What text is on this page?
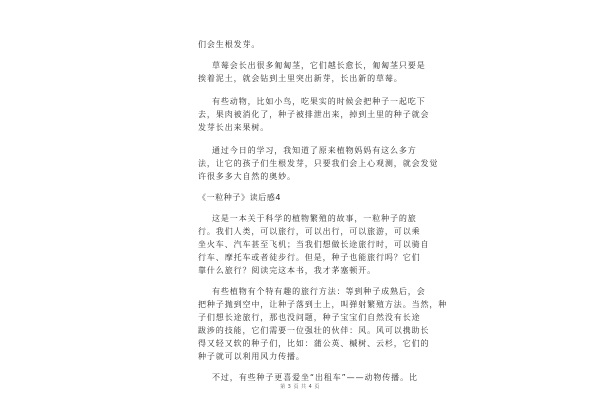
们会生根发芽。
草莓会长出很多匍匐茎，它们越长愈长，匍匐茎只要是
挨着泥土，就会钻到土里突出新芽，长出新的草莓。
有些动物，比如小鸟，吃果实的时候会把种子一起吃下
去，果肉被消化了，种子被排泄出来，掉到土里的种子就会
发芽长出来果树。
通过今日的学习，我知道了原来植物妈妈有这么多方
法，让它的孩子们生根发芽，只要我们会上心观测，就会发觉
许很多多大自然的奥妙。
《一粒种子》读后感4
这是一本关于科学的植物繁殖的故事，一粒种子的旅
行。我们人类，可以旅行，可以出行，可以旅游，可以乘
坐火车、汽车甚至飞机；当我们想做长途旅行时，可以骑自
行车、摩托车或者徒步行。但是，种子也能旅行吗？它们
靠什么旅行？阅读完这本书，我才茅塞顿开。
有些植物有个特有趣的旅行方法：等到种子成熟后，会
把种子抛到空中，让种子落到土上，叫弹射繁殖方法。当然，种
子们想长途旅行，那也没问题，种子宝宝们自然没有长途
跋涉的技能，它们需要一位强壮的伙伴：风。风可以携助长
得又轻又软的种子们，比如：蒲公英、槭树、云杉，它们的
种子就可以利用风力传播。
不过，有些种子更喜爱坐“出租车”——动物传播。比
第 3 页 共 4 页
